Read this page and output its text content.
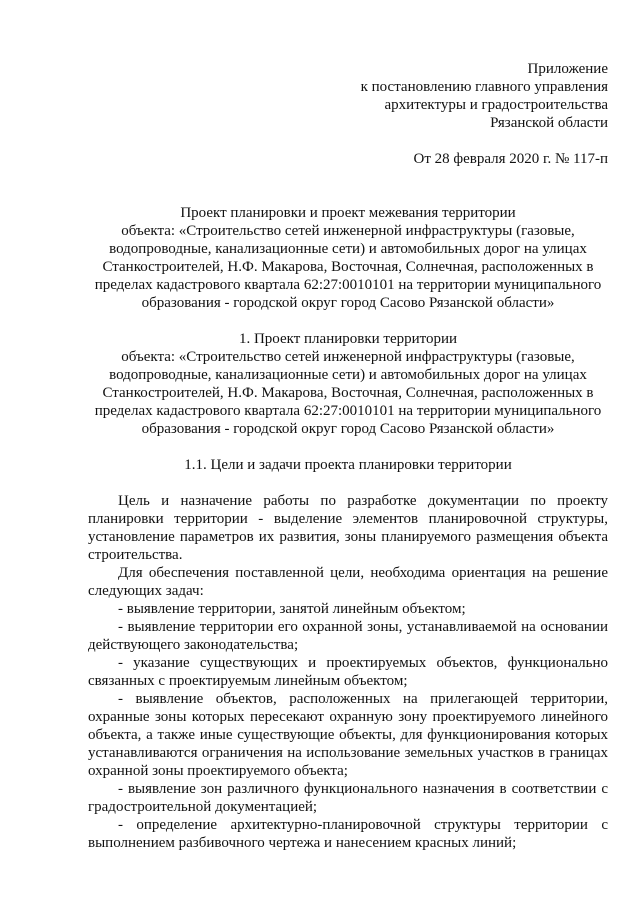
Приложение
к постановлению главного управления
архитектуры и градостроительства
Рязанской области
От 28 февраля 2020 г. № 117-п
Проект планировки и проект межевания территории
объекта: «Строительство сетей инженерной инфраструктуры (газовые,
водопроводные, канализационные сети) и автомобильных дорог на улицах
Станкостроителей, Н.Ф. Макарова, Восточная, Солнечная, расположенных в
пределах кадастрового квартала 62:27:0010101 на территории муниципального
образования - городской округ город Сасово Рязанской области»
1. Проект планировки территории
объекта: «Строительство сетей инженерной инфраструктуры (газовые,
водопроводные, канализационные сети) и автомобильных дорог на улицах
Станкостроителей, Н.Ф. Макарова, Восточная, Солнечная, расположенных в
пределах кадастрового квартала 62:27:0010101 на территории муниципального
образования - городской округ город Сасово Рязанской области»
1.1. Цели и задачи проекта планировки территории

Цель и назначение работы по разработке документации по проекту планировки территории - выделение элементов планировочной структуры, установление параметров их развития, зоны планируемого размещения объекта строительства.

Для обеспечения поставленной цели, необходима ориентация на решение следующих задач:

- выявление территории, занятой линейным объектом;

- выявление территории его охранной зоны, устанавливаемой на основании действующего законодательства;

- указание существующих и проектируемых объектов, функционально связанных с проектируемым линейным объектом;

- выявление объектов, расположенных на прилегающей территории, охранные зоны которых пересекают охранную зону проектируемого линейного объекта, а также иные существующие объекты, для функционирования которых устанавливаются ограничения на использование земельных участков в границах охранной зоны проектируемого объекта;

- выявление зон различного функционального назначения в соответствии с градостроительной документацией;

- определение архитектурно-планировочной структуры территории с выполнением разбивочного чертежа и нанесением красных линий;
